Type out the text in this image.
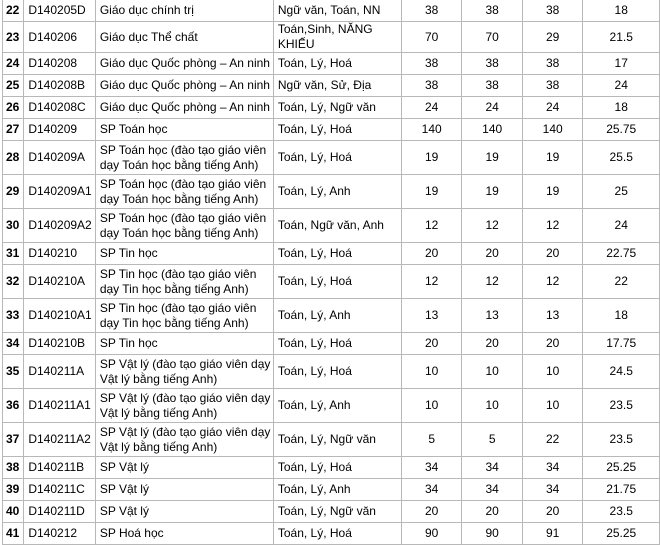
22	D140205D	Giáo dục chính trị	Ngữ văn, Toán, NN	38	38	38	18
23	D140206	Giáo dục Thể chất	Toán,Sinh, NĂNG KHIẾU	70	70	29	21.5
24	D140208	Giáo dục Quốc phòng – An ninh	Toán, Lý, Hoá	38	38	38	17
25	D140208B	Giáo dục Quốc phòng – An ninh	Ngữ văn, Sử, Địa	38	38	38	24
26	D140208C	Giáo dục Quốc phòng – An ninh	Toán, Lý, Ngữ văn	24	24	24	18
27	D140209	SP Toán học	Toán, Lý, Hoá	140	140	140	25.75
28	D140209A	SP Toán học (đào tạo giáo viên dạy Toán học bằng tiếng Anh)	Toán, Lý, Hoá	19	19	19	25.5
29	D140209A1	SP Toán học (đào tạo giáo viên dạy Toán học bằng tiếng Anh)	Toán, Lý, Anh	19	19	19	25
30	D140209A2	SP Toán học (đào tạo giáo viên dạy Toán học bằng tiếng Anh)	Toán, Ngữ văn, Anh	12	12	12	24
31	D140210	SP Tin học	Toán, Lý, Hoá	20	20	20	22.75
32	D140210A	SP Tin học (đào tạo giáo viên dạy Tin học bằng tiếng Anh)	Toán, Lý, Hoá	12	12	12	22
33	D140210A1	SP Tin học (đào tạo giáo viên dạy Tin học bằng tiếng Anh)	Toán, Lý, Anh	13	13	13	18
34	D140210B	SP Tin học	Toán, Lý, Hoá	20	20	20	17.75
35	D140211A	SP Vật lý (đào tạo giáo viên dạy Vật lý bằng tiếng Anh)	Toán, Lý, Hoá	10	10	10	24.5
36	D140211A1	SP Vật lý (đào tạo giáo viên dạy Vật lý bằng tiếng Anh)	Toán, Lý, Anh	10	10	10	23.5
37	D140211A2	SP Vật lý (đào tạo giáo viên dạy Vật lý bằng tiếng Anh)	Toán, Lý, Ngữ văn	5	5	22	23.5
38	D140211B	SP Vật lý	Toán, Lý, Hoá	34	34	34	25.25
39	D140211C	SP Vật lý	Toán, Lý, Anh	34	34	34	21.75
40	D140211D	SP Vật lý	Toán, Lý, Ngữ văn	20	20	20	23.5
41	D140212	SP Hoá học	Toán, Lý, Hoá	90	90	91	25.25
